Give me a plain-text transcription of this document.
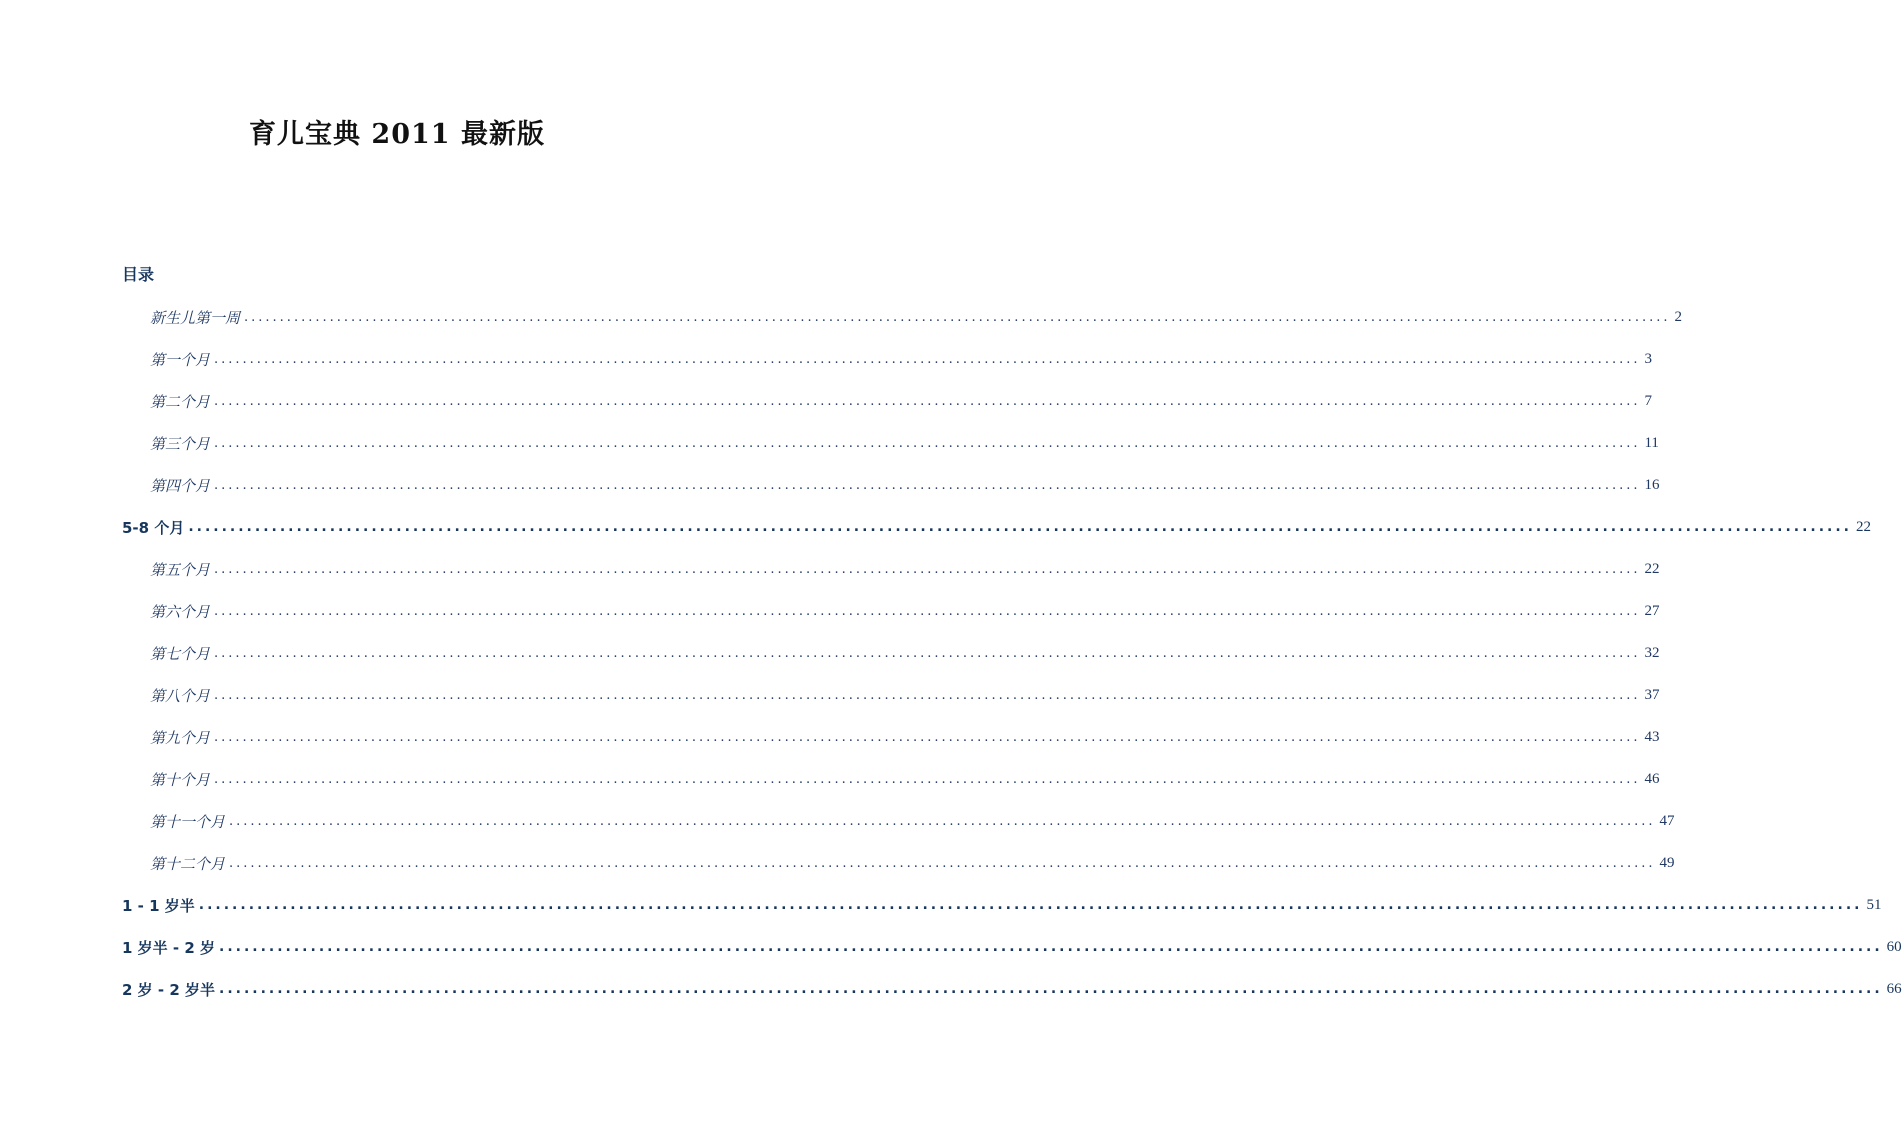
育儿宝典 2011 最新版
目录
新生儿第一周 ........................................................................................................................................................................................................ 2
第一个月 ........................................................................................................................................................................................................ 3
第二个月 ........................................................................................................................................................................................................ 7
第三个月 ........................................................................................................................................................................................................ 11
第四个月 ........................................................................................................................................................................................................ 16
5-8 个月 ........................................................................................................................................................................................................ 22
第五个月 ........................................................................................................................................................................................................ 22
第六个月 ........................................................................................................................................................................................................ 27
第七个月 ........................................................................................................................................................................................................ 32
第八个月 ........................................................................................................................................................................................................ 37
第九个月 ........................................................................................................................................................................................................ 43
第十个月 ........................................................................................................................................................................................................ 46
第十一个月 ........................................................................................................................................................................................................ 47
第十二个月 ........................................................................................................................................................................................................ 49
1 - 1 岁半 ........................................................................................................................................................................................................ 51
1 岁半 - 2 岁 ........................................................................................................................................................................................................ 60
2 岁 - 2 岁半 ........................................................................................................................................................................................................ 66
